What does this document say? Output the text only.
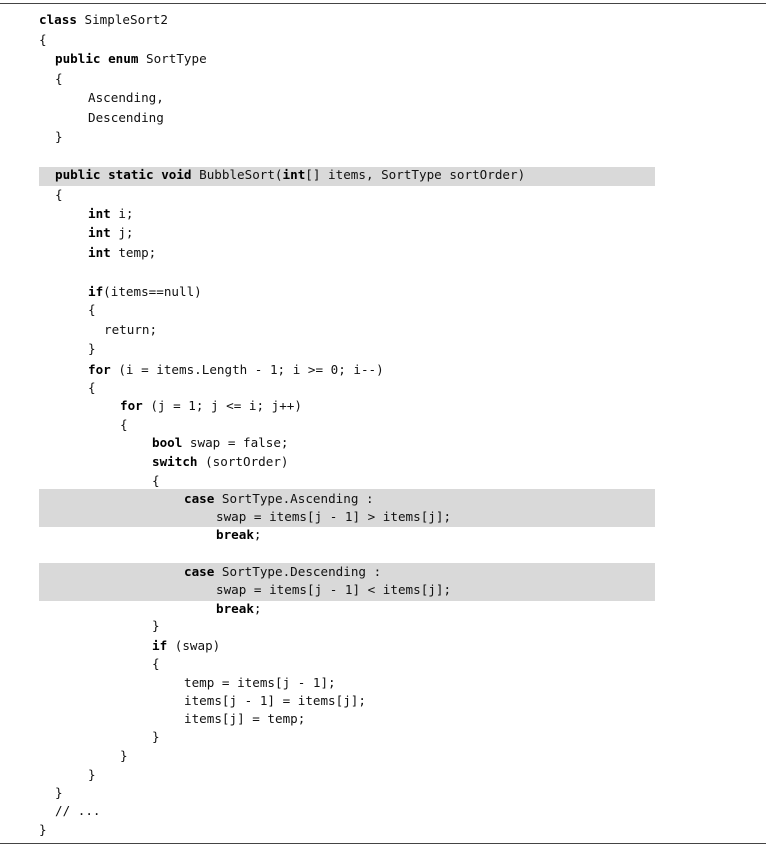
class SimpleSort2
{
public enum SortType
{
Ascending,
Descending
}
public static void BubbleSort(int[] items, SortType sortOrder)
{
int i;
int j;
int temp;
if(items==null)
{
return;
}
for (i = items.Length - 1; i >= 0; i--)
{
for (j = 1; j <= i; j++)
{
bool swap = false;
switch (sortOrder)
{
case SortType.Ascending :
swap = items[j - 1] > items[j];
break;
case SortType.Descending :
swap = items[j - 1] < items[j];
break;
}
if (swap)
{
temp = items[j - 1];
items[j - 1] = items[j];
items[j] = temp;
}
}
}
}
// ...
}
